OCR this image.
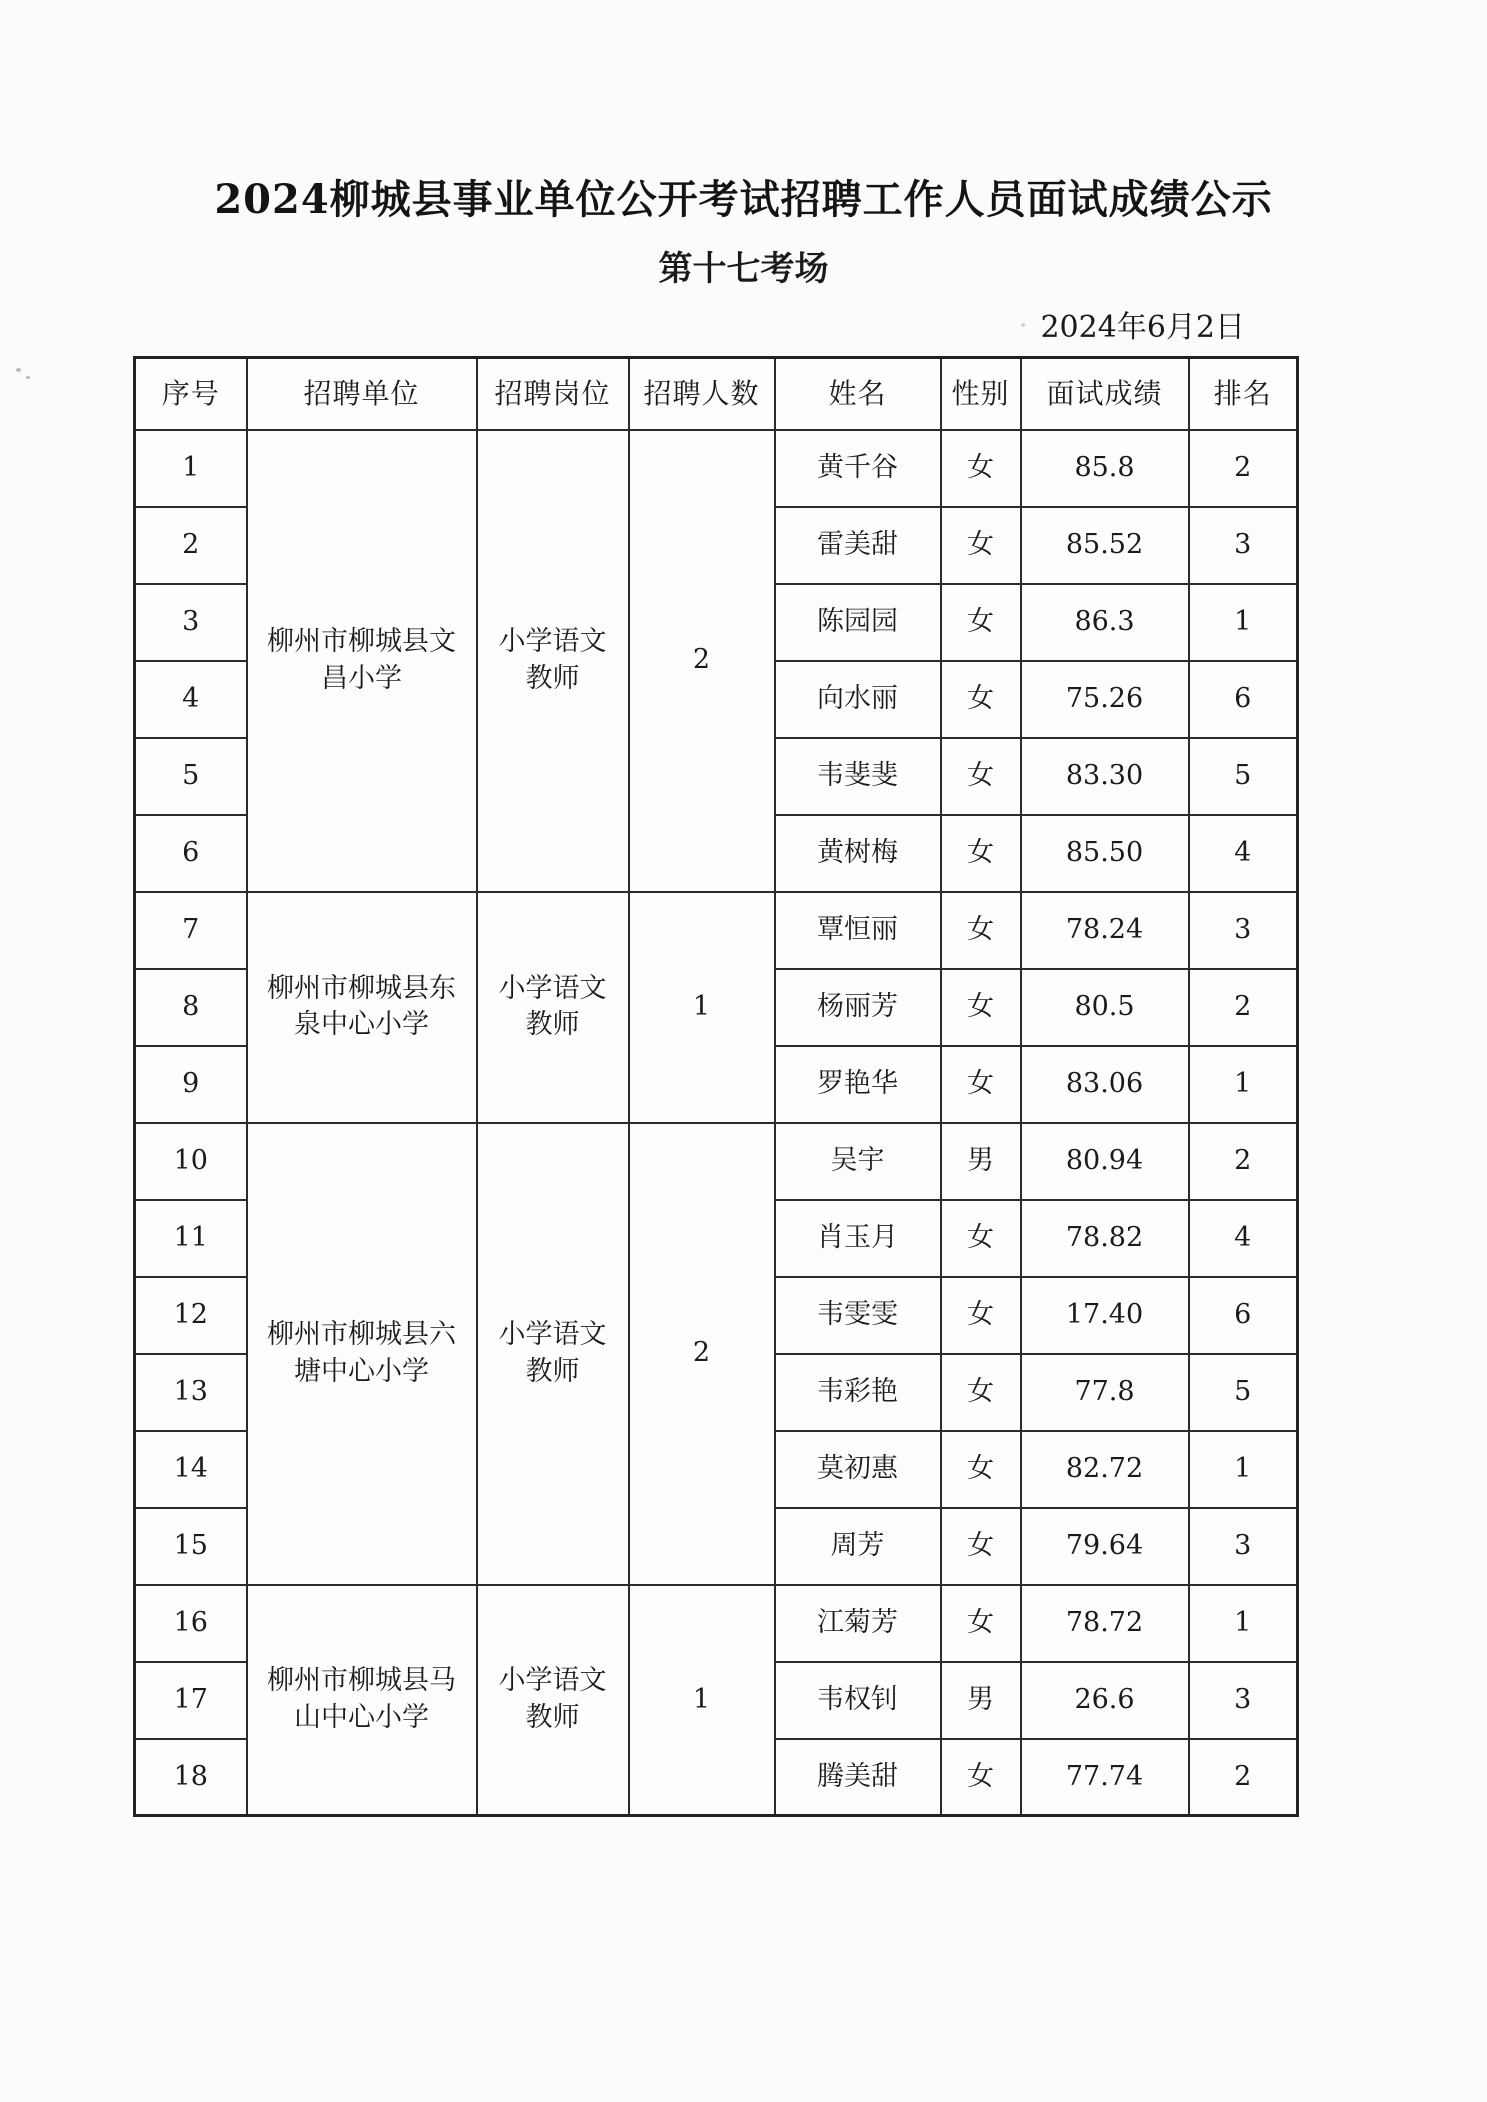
2024柳城县事业单位公开考试招聘工作人员面试成绩公示
第十七考场
2024年6月2日
序号	招聘单位	招聘岗位	招聘人数	姓名	性别	面试成绩	排名
1	柳州市柳城县文昌小学	小学语文教师	2	黄千谷	女	85.8	2
2				雷美甜	女	85.52	3
3				陈园园	女	86.3	1
4				向水丽	女	75.26	6
5				韦斐斐	女	83.30	5
6				黄树梅	女	85.50	4
7	柳州市柳城县东泉中心小学	小学语文教师	1	覃恒丽	女	78.24	3
8				杨丽芳	女	80.5	2
9				罗艳华	女	83.06	1
10	柳州市柳城县六塘中心小学	小学语文教师	2	吴宇	男	80.94	2
11				肖玉月	女	78.82	4
12				韦雯雯	女	17.40	6
13				韦彩艳	女	77.8	5
14				莫初惠	女	82.72	1
15				周芳	女	79.64	3
16	柳州市柳城县马山中心小学	小学语文教师	1	江菊芳	女	78.72	1
17				韦权钊	男	26.6	3
18				腾美甜	女	77.74	2
